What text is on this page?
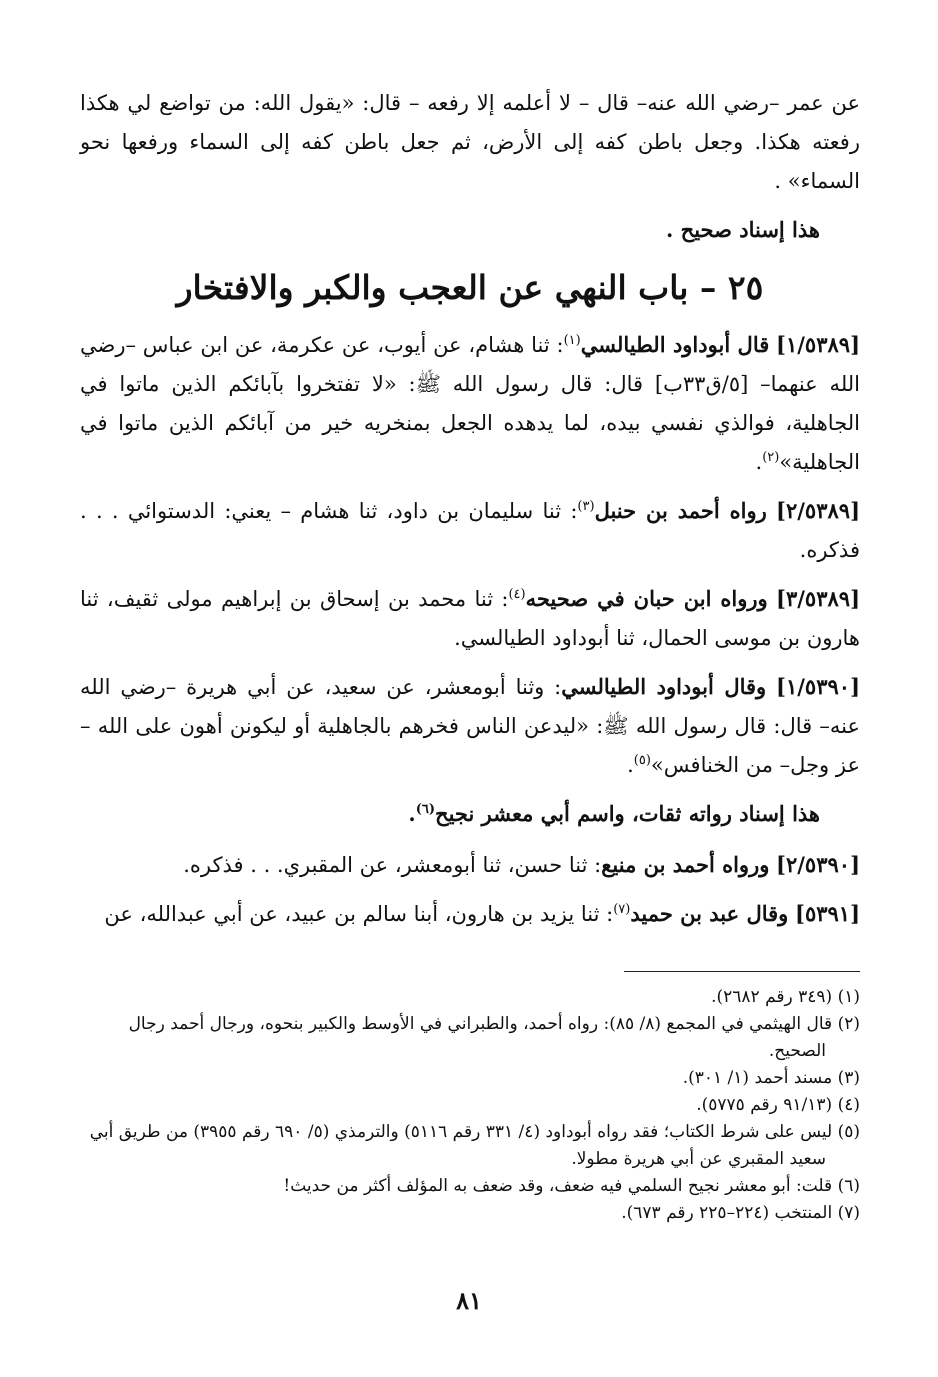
عن عمر –رضي الله عنه– قال – لا أعلمه إلا رفعه – قال: «يقول الله: من تواضع لي هكذا رفعته هكذا. وجعل باطن كفه إلى الأرض، ثم جعل باطن كفه إلى السماء ورفعها نحو السماء» .

هذا إسناد صحيح .

٢٥ – باب النهي عن العجب والكبر والافتخار

[١/٥٣٨٩] قال أبوداود الطيالسي$^{(١)}$: ثنا هشام، عن أيوب، عن عكرمة، عن ابن عباس –رضي الله عنهما– [٥/ق٣٣ب] قال: قال رسول الله ﷺ: «لا تفتخروا بآبائكم الذين ماتوا في الجاهلية، فوالذي نفسي بيده، لما يدهده الجعل بمنخريه خير من آبائكم الذين ماتوا في الجاهلية»$^{(٢)}$.

[٢/٥٣٨٩] رواه أحمد بن حنبل$^{(٣)}$: ثنا سليمان بن داود، ثنا هشام – يعني: الدستوائي . . . فذكره.

[٣/٥٣٨٩] ورواه ابن حبان في صحيحه$^{(٤)}$: ثنا محمد بن إسحاق بن إبراهيم مولى ثقيف، ثنا هارون بن موسى الحمال، ثنا أبوداود الطيالسي.

[١/٥٣٩٠] وقال أبوداود الطيالسي: وثنا أبومعشر، عن سعيد، عن أبي هريرة –رضي الله عنه– قال: قال رسول الله ﷺ: «ليدعن الناس فخرهم بالجاهلية أو ليكونن أهون على الله –عز وجل– من الخنافس»$^{(٥)}$.

هذا إسناد رواته ثقات، واسم أبي معشر نجيح$^{(٦)}$.

[٢/٥٣٩٠] ورواه أحمد بن منيع: ثنا حسن، ثنا أبومعشر، عن المقبري. . . فذكره.

[٥٣٩١] وقال عبد بن حميد$^{(٧)}$: ثنا يزيد بن هارون، أبنا سالم بن عبيد، عن أبي عبدالله، عن

(١) (٣٤٩ رقم ٢٦٨٢).

(٢) قال الهيثمي في المجمع (٨/ ٨٥): رواه أحمد، والطبراني في الأوسط والكبير بنحوه، ورجال أحمد رجال الصحيح.

(٣) مسند أحمد (١/ ٣٠١).

(٤) (٩١/١٣ رقم ٥٧٧٥).

(٥) ليس على شرط الكتاب؛ فقد رواه أبوداود (٤/ ٣٣١ رقم ٥١١٦) والترمذي (٥/ ٦٩٠ رقم ٣٩٥٥) من طريق أبي سعيد المقبري عن أبي هريرة مطولا.

(٦) قلت: أبو معشر نجيح السلمي فيه ضعف، وقد ضعف به المؤلف أكثر من حديث!

(٧) المنتخب (٢٢٤–٢٢٥ رقم ٦٧٣).

٨١
